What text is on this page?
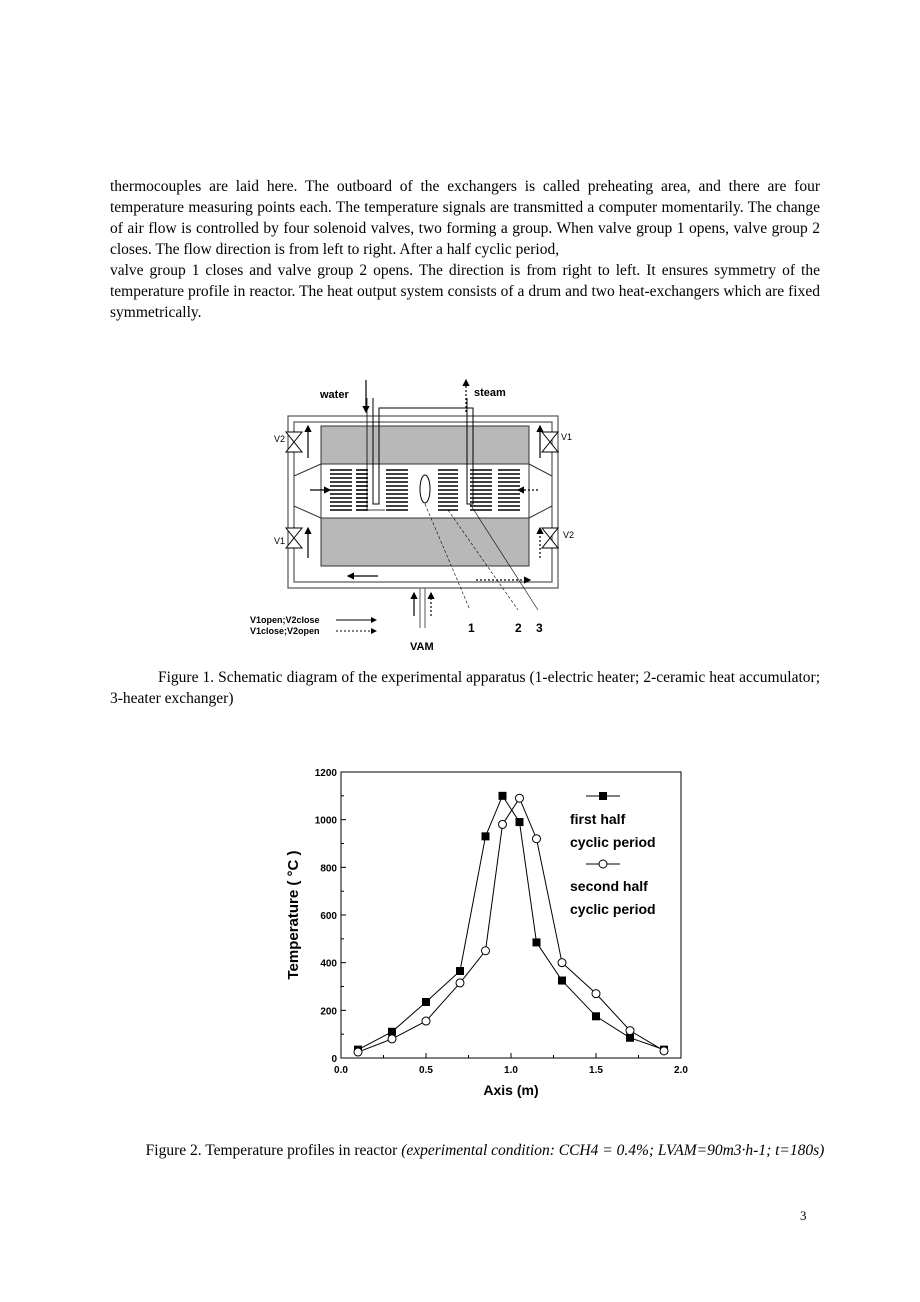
thermocouples are laid here. The outboard of the exchangers is called preheating area, and there are four temperature measuring points each. The temperature signals are transmitted a computer momentarily. The change of air flow is controlled by four solenoid valves, two forming a group. When valve group 1 opens, valve group 2 closes. The flow direction is from left to right. After a half cyclic period,
valve group 1 closes and valve group 2 opens. The direction is from right to left. It ensures symmetry of the temperature profile in reactor. The heat output system consists of a drum and two heat-exchangers which are fixed symmetrically.

water	steam
V2	V1
V1
V2
VAM
1	2 3
V1open;V2close
V1close;V2open

Figure 1. Schematic diagram of the experimental apparatus (1-electric heater; 2-ceramic heat accumulator; 3-heater exchanger)

0
200
400
600
800
1000
1200
0.0	0.5	1.0	1.5	2.0
Temperature ( °C )
Axis (m)
first half
cyclic period
second half
cyclic period

Figure 2. Temperature profiles in reactor (experimental condition: CCH4 = 0.4%; LVAM=90m3·h-1; t=180s)

3
